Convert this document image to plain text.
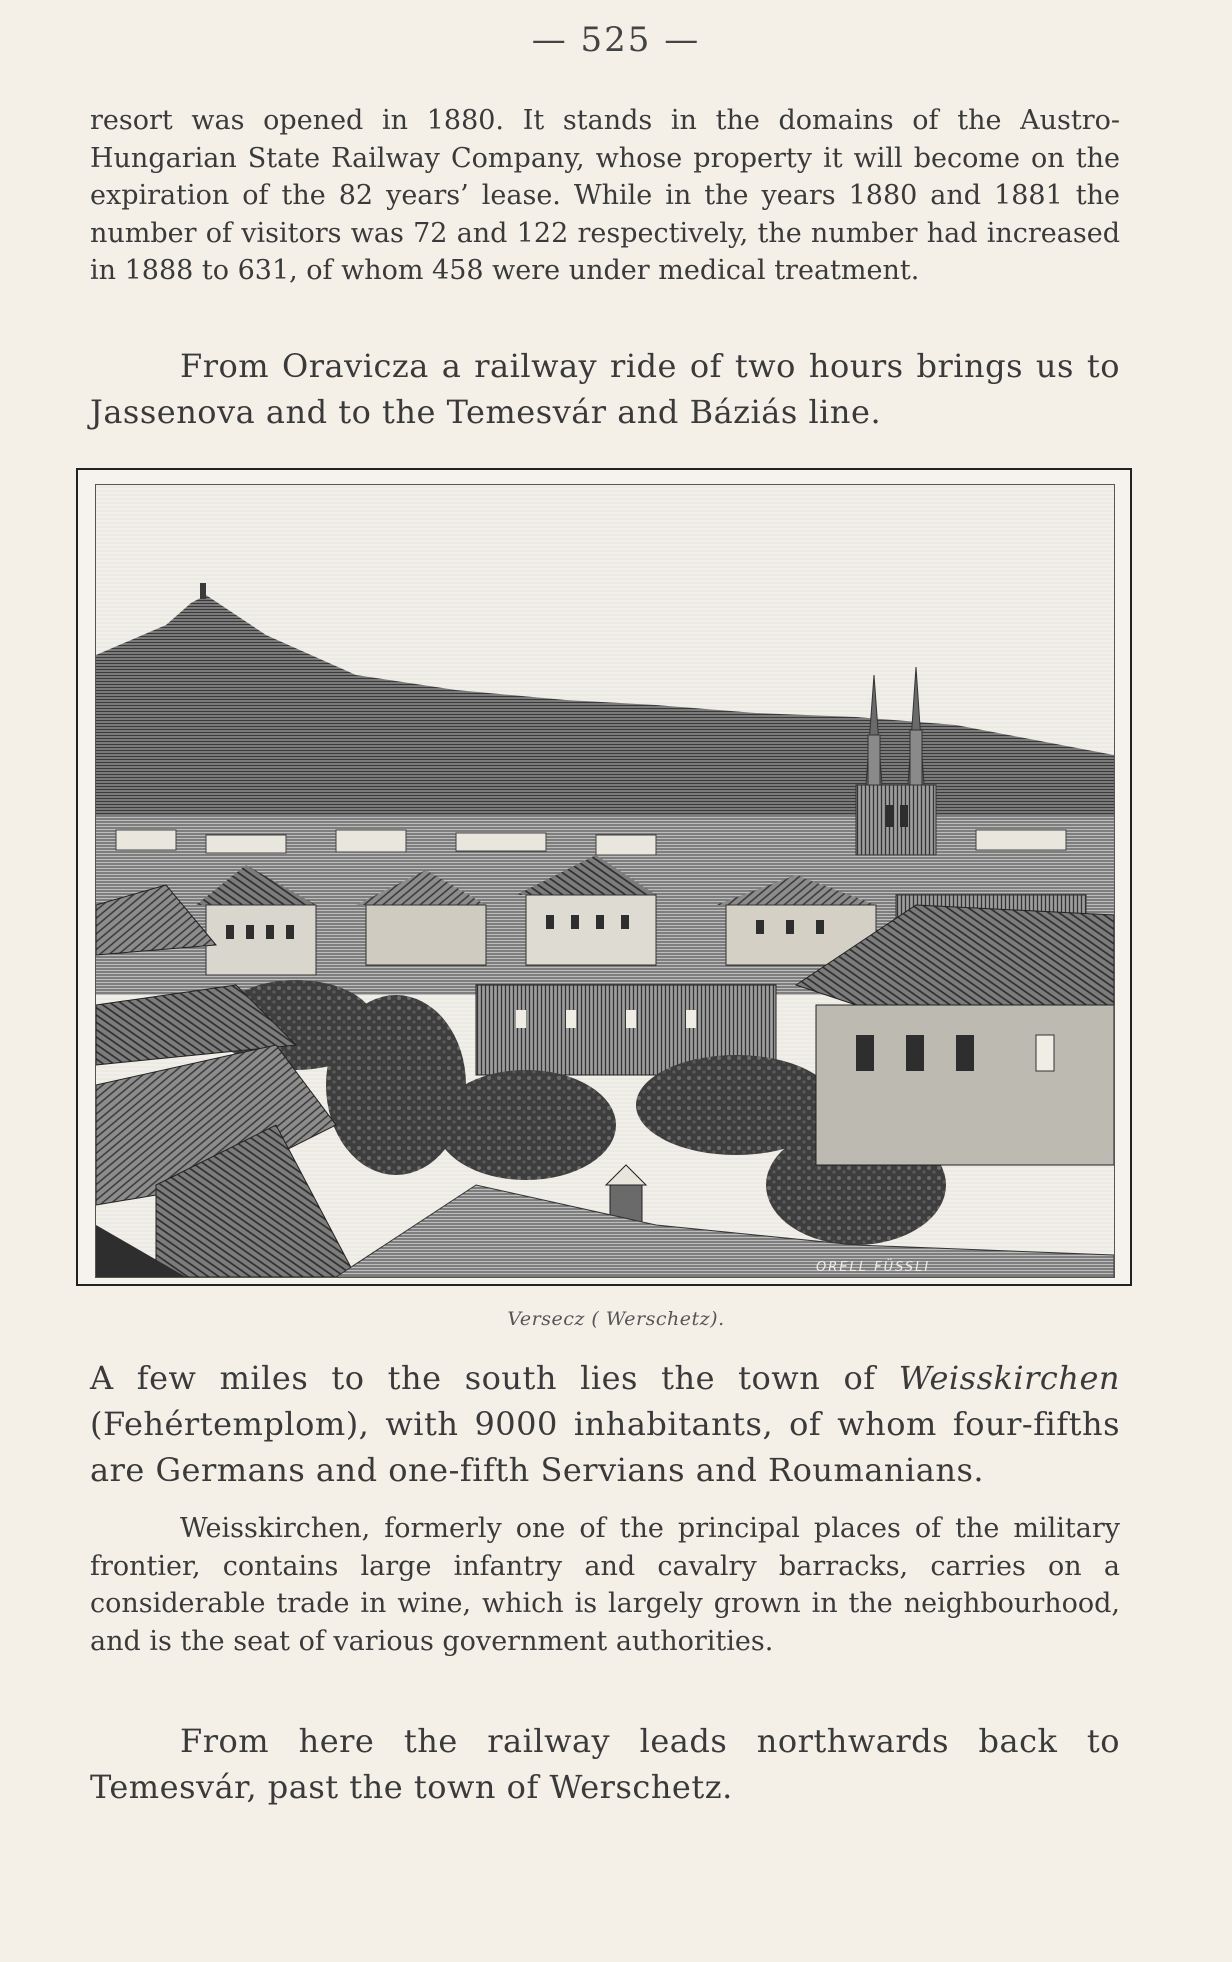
— 525 —

resort was opened in 1880. It stands in the domains of the Austro-Hungarian State Railway Company, whose property it will become on the expiration of the 82 years’ lease. While in the years 1880 and 1881 the number of visitors was 72 and 122 respectively, the number had increased in 1888 to 631, of whom 458 were under medical treatment.

From Oravicza a railway ride of two hours brings us to Jassenova and to the Temesvár and Báziás line.

ORELL FÜSSLI
Versecz ( Werschetz).

A few miles to the south lies the town of Weisskirchen (Fehértemplom), with 9000 inhabitants, of whom four-fifths are Germans and one-fifth Servians and Roumanians.

Weisskirchen, formerly one of the principal places of the military frontier, contains large infantry and cavalry barracks, carries on a considerable trade in wine, which is largely grown in the neighbourhood, and is the seat of various government authorities.

From here the railway leads northwards back to Temesvár, past the town of Werschetz.
